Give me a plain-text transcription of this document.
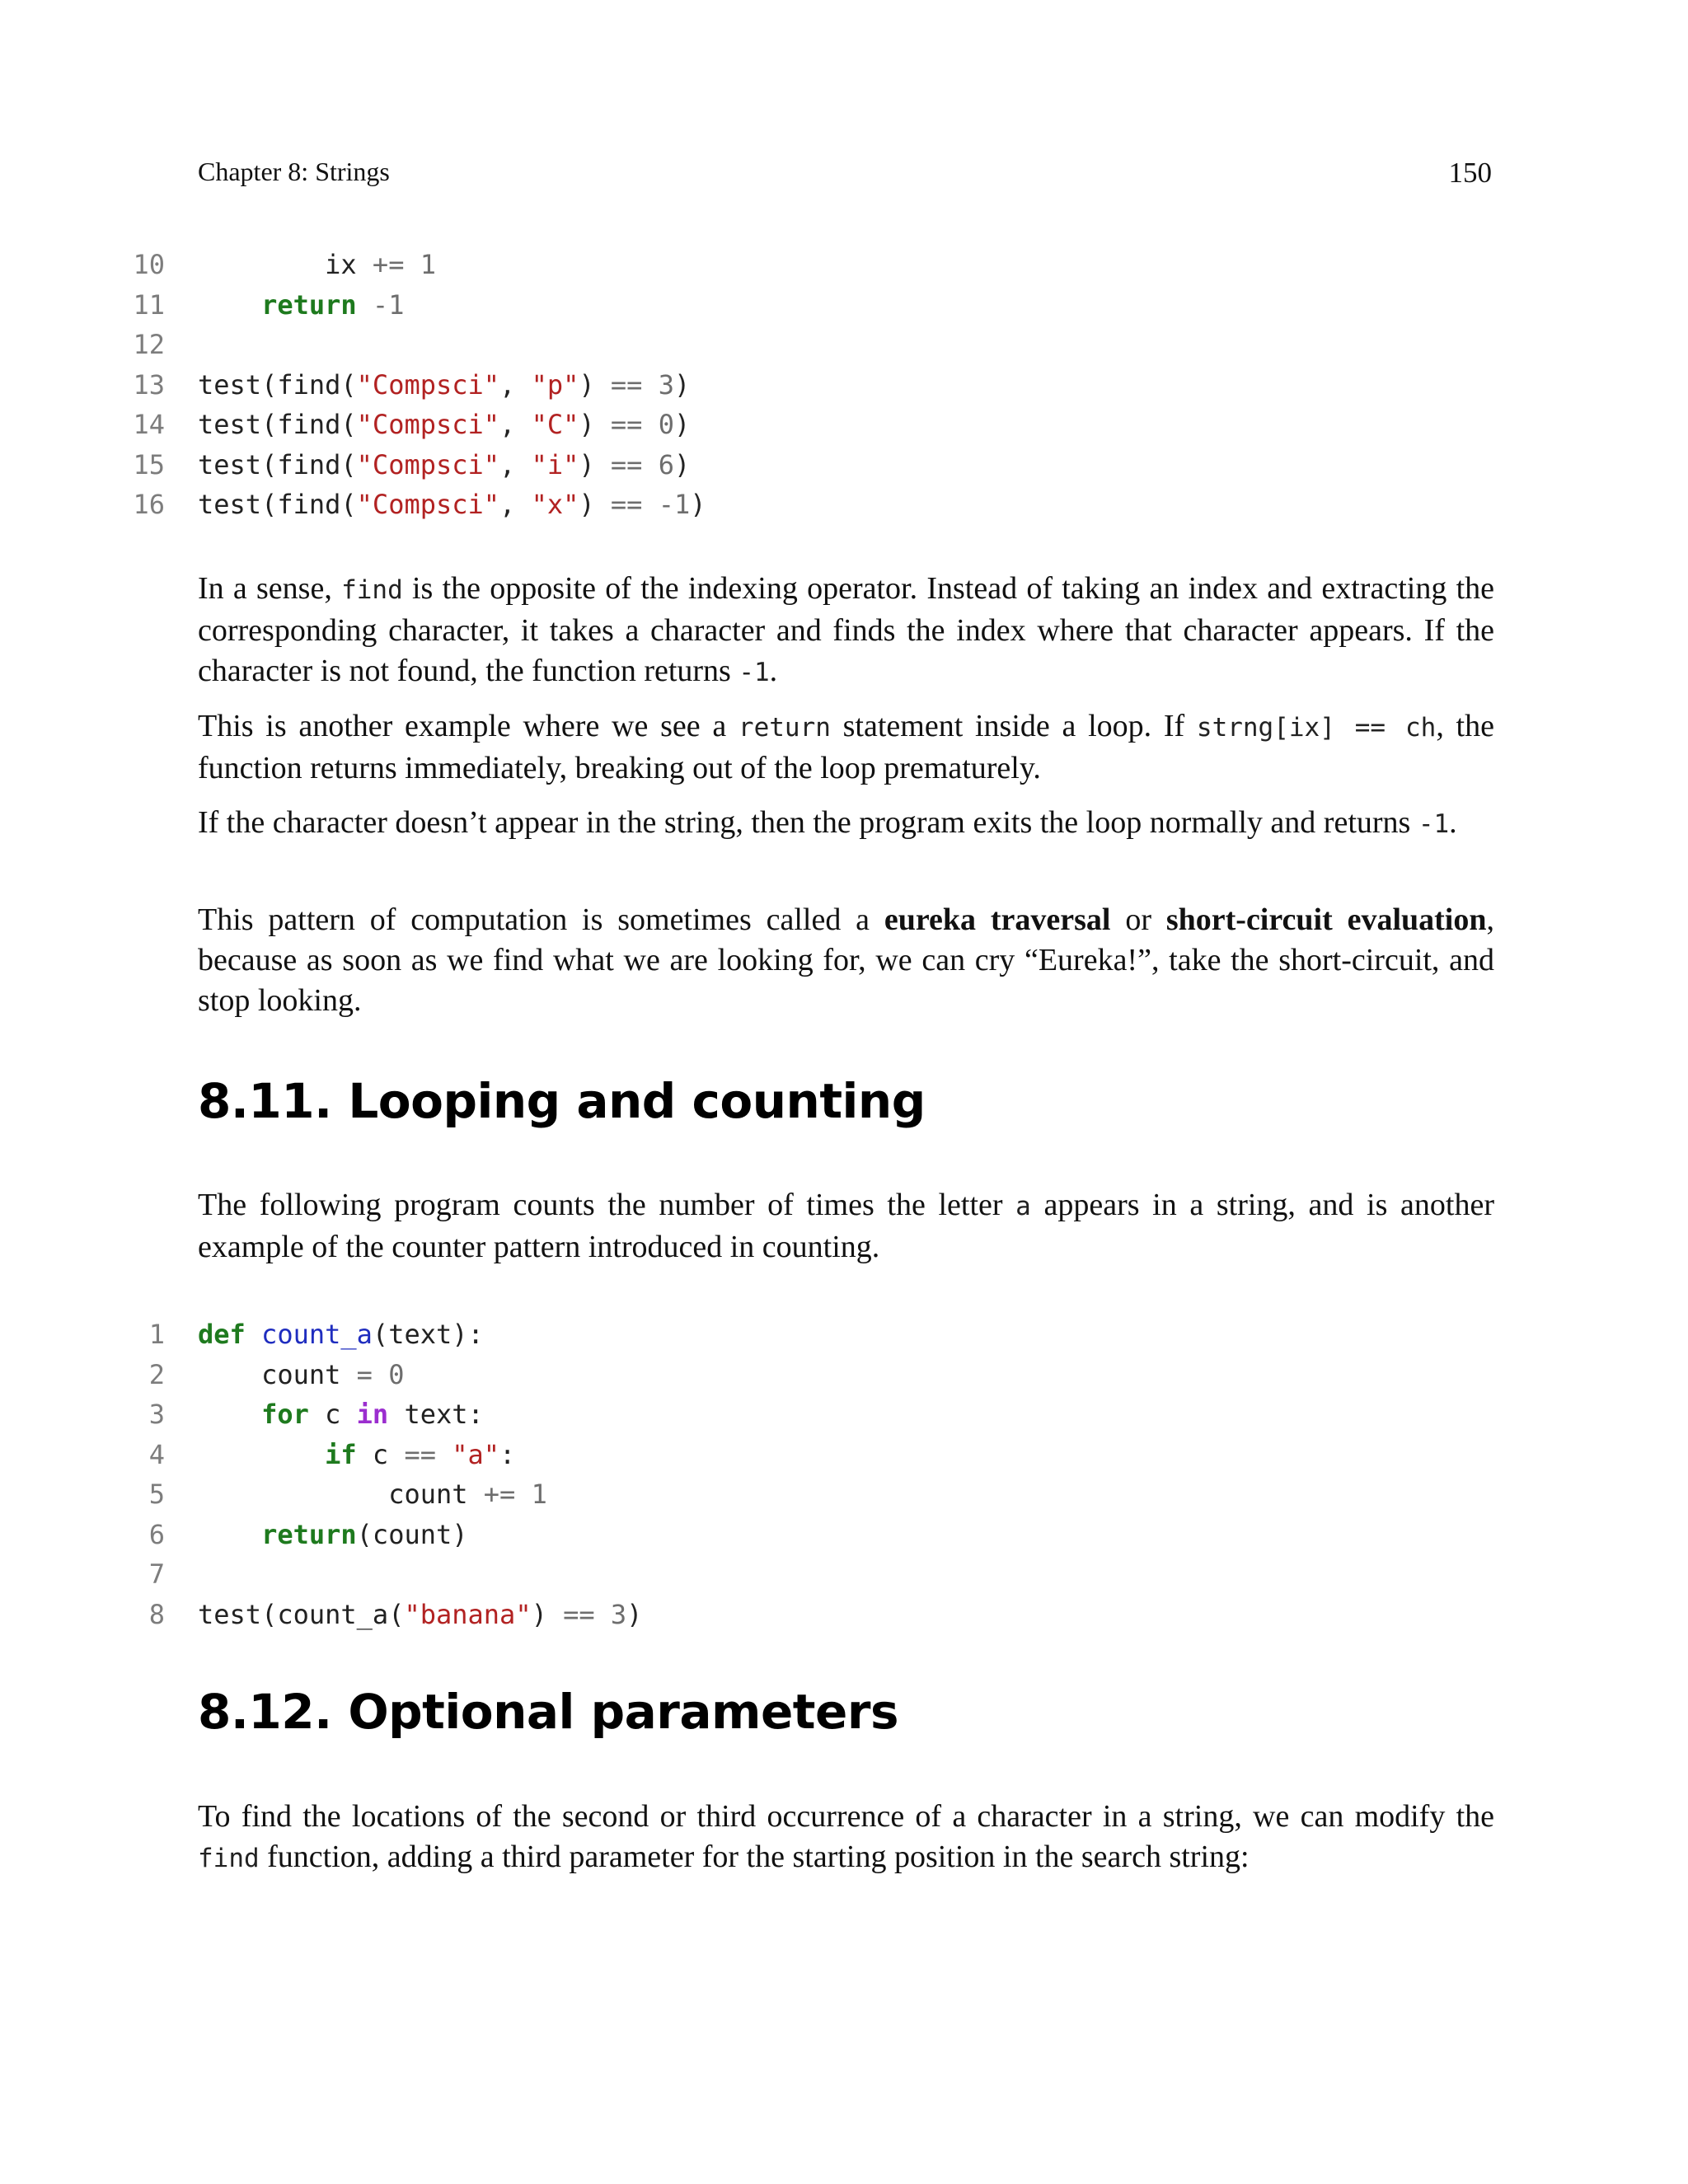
Chapter 8: Strings	150
10	ix += 1
11	return -1
12
13 test(find("Compsci", "p") == 3)
14 test(find("Compsci", "C") == 0)
15 test(find("Compsci", "i") == 6)
16 test(find("Compsci", "x") == -1)

In a sense, find is the opposite of the indexing operator. Instead of taking an index and extracting the corresponding character, it takes a character and finds the index where that character appears. If the character is not found, the function returns -1.

This is another example where we see a return statement inside a loop. If strng[ix] == ch, the function returns immediately, breaking out of the loop prematurely.

If the character doesn’t appear in the string, then the program exits the loop normally and returns -1.

This pattern of computation is sometimes called a eureka traversal or short-circuit evaluation, because as soon as we find what we are looking for, we can cry “Eureka!”, take the short-circuit, and stop looking.

8.11. Looping and counting

The following program counts the number of times the letter a appears in a string, and is another example of the counter pattern introduced in counting.

1 def count_a(text):
2	count = 0
3	for c in text:
4	if c == "a":
5	count += 1
6	return(count)
7
8 test(count_a("banana") == 3)
8.12. Optional parameters

To find the locations of the second or third occurrence of a character in a string, we can modify the find function, adding a third parameter for the starting position in the search string:
